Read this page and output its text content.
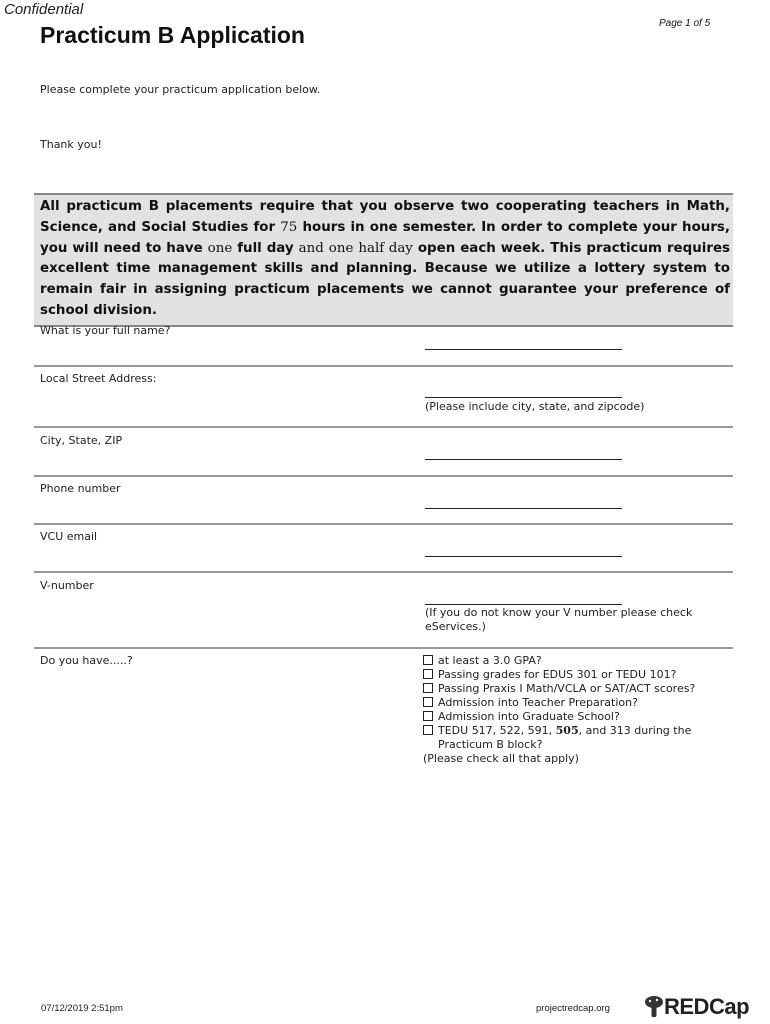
Confidential
Page 1 of 5
Practicum B Application
Please complete your practicum application below.
Thank you!
All practicum B placements require that you observe two cooperating teachers in Math, Science, and Social Studies for 75 hours in one semester. In order to complete your hours, you will need to have one full day and one half day open each week. This practicum requires excellent time management skills and planning. Because we utilize a lottery system to remain fair in assigning practicum placements we cannot guarantee your preference of school division.
What is your full name?
Local Street Address:
(Please include city, state, and zipcode)
City, State, ZIP
Phone number
VCU email
V-number
(If you do not know your V number please check eServices.)
Do you have.....?	at least a 3.0 GPA?
Passing grades for EDUS 301 or TEDU 101?
Passing Praxis I Math/VCLA or SAT/ACT scores?
Admission into Teacher Preparation?
Admission into Graduate School?
TEDU 517, 522, 591, 505, and 313 during the Practicum B block?
(Please check all that apply)
07/12/2019 2:51pm	projectredcap.org REDCap
